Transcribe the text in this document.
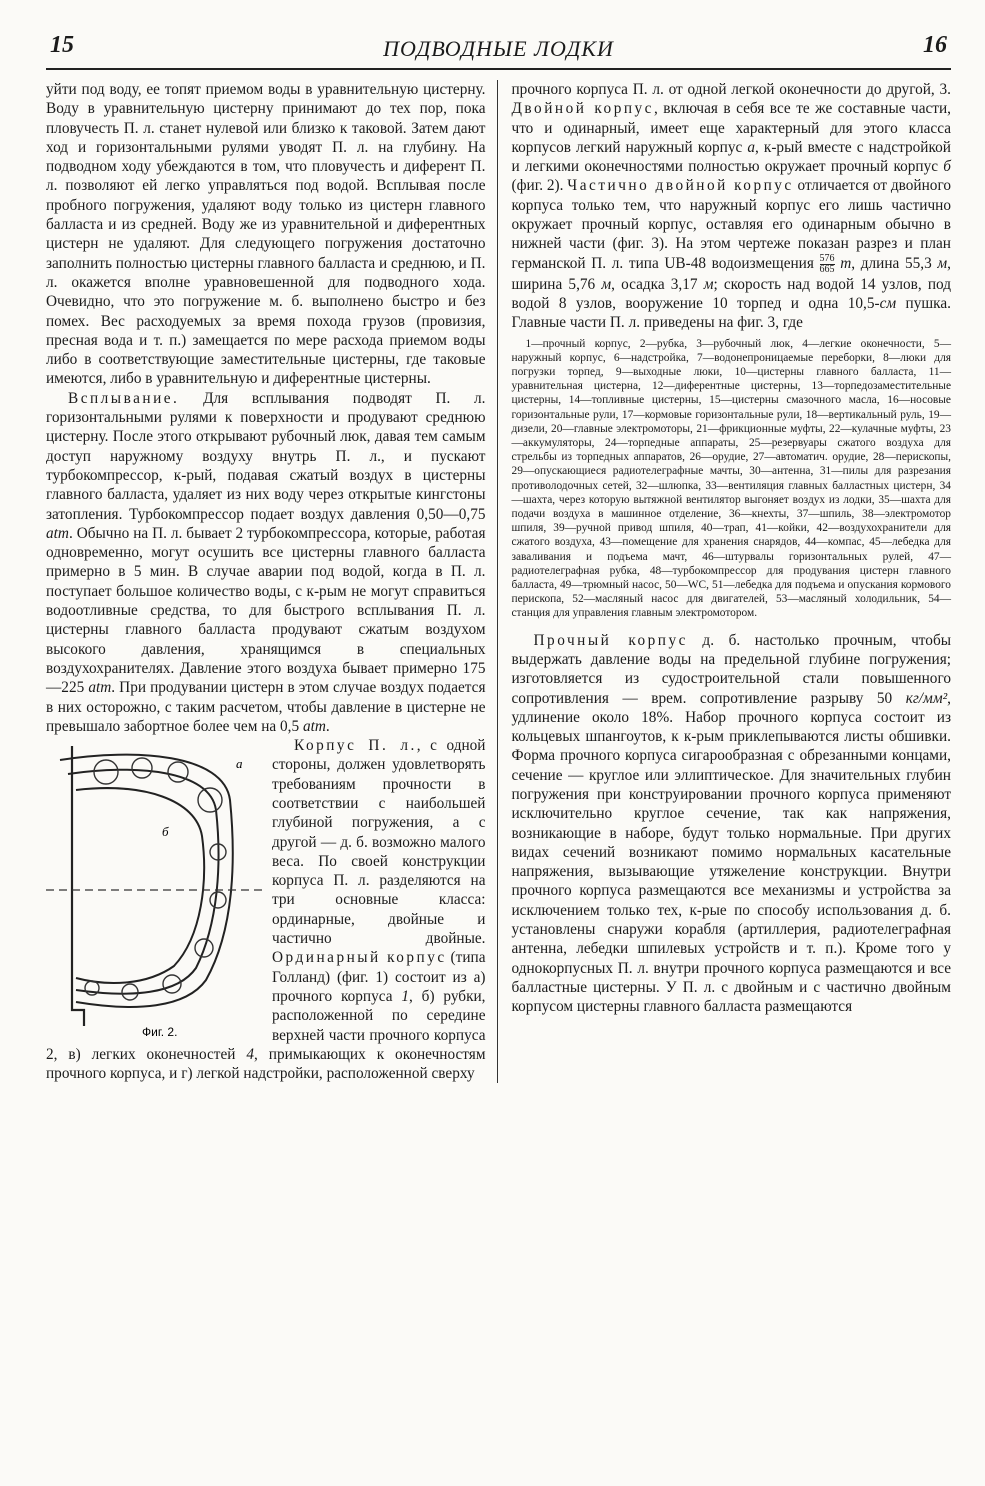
15	ПОДВОДНЫЕ ЛОДКИ	16

уйти под воду, ее топят приемом воды в уравнительную цистерну. Воду в уравнительную цистерну принимают до тех пор, пока пловучесть П. л. станет нулевой или близко к таковой. Затем дают ход и горизонтальными рулями уводят П. л. на глубину. На подводном ходу убеждаются в том, что пловучесть и диферент П. л. позволяют ей легко управляться под водой. Всплывая после пробного погружения, удаляют воду только из цистерн главного балласта и из средней. Воду же из уравнительной и диферентных цистерн не удаляют. Для следующего погружения достаточно заполнить полностью цистерны главного балласта и среднюю, и П. л. окажется вполне уравновешенной для подводного хода. Очевидно, что это погружение м. б. выполнено быстро и без помех. Вес расходуемых за время похода грузов (провизия, пресная вода и т. п.) замещается по мере расхода приемом воды либо в соответствующие заместительные цистерны, где таковые имеются, либо в уравнительную и диферентные цистерны.

Всплывание. Для всплывания подводят П. л. горизонтальными рулями к поверхности и продувают среднюю цистерну. После этого открывают рубочный люк, давая тем самым доступ наружному воздуху внутрь П. л., и пускают турбокомпрессор, к-рый, подавая сжатый воздух в цистерны главного балласта, удаляет из них воду через открытые кингстоны затопления. Турбокомпрессор подает воздух давления 0,50—0,75 atm. Обычно на П. л. бывает 2 турбокомпрессора, которые, работая одновременно, могут осушить все цистерны главного балласта примерно в 5 мин. В случае аварии под водой, когда в П. л. поступает большое количество воды, с к-рым не могут справиться водоотливные средства, то для быстрого всплывания П. л. цистерны главного балласта продувают сжатым воздухом высокого давления, хранящимся в специальных воздухохранителях. Давление этого воздуха бывает примерно 175—225 atm. При продувании цистерн в этом случае воздух подается в них осторожно, с таким расчетом, чтобы давление в цистерне не превышало забортное более чем на 0,5 atm.

а
б
Фиг. 2.

Корпус П. л., с одной стороны, должен удовлетворять требованиям прочности в соответствии с наибольшей глубиной погружения, а с другой — д. б. возможно малого веса. По своей конструкции корпуса П. л. разделяются на три основные класса: ординарные, двойные и частично двойные. Ординарный корпус (типа Голланд) (фиг. 1) состоит из а) прочного корпуса 1, б) рубки, расположенной по середине верхней части прочного корпуса 2, в) легких оконечностей 4, примыкающих к оконечностям прочного корпуса, и г) легкой надстройки, расположенной сверху

прочного корпуса П. л. от одной легкой оконечности до другой, 3. Двойной корпус, включая в себя все те же составные части, что и одинарный, имеет еще характерный для этого класса корпусов легкий наружный корпус а, к-рый вместе с надстройкой и легкими оконечностями полностью окружает прочный корпус б (фиг. 2). Частично двойной корпус отличается от двойного корпуса только тем, что наружный корпус его лишь частично окружает прочный корпус, оставляя его одинарным обычно в нижней части (фиг. 3). На этом чертеже показан разрез и план германской П. л. типа UB-48 водоизмещения $\frac{576}{665} т$, длина 55,3 м, ширина 5,76 м, осадка 3,17 м; скорость над водой 14 узлов, под водой 8 узлов, вооружение 10 торпед и одна 10,5-см пушка. Главные части П. л. приведены на фиг. 3, где

1—прочный корпус, 2—рубка, 3—рубочный люк, 4—легкие оконечности, 5—наружный корпус, 6—надстройка, 7—водонепроницаемые переборки, 8—люки для погрузки торпед, 9—выходные люки, 10—цистерны главного балласта, 11—уравнительная цистерна, 12—диферентные цистерны, 13—торпедозаместительные цистерны, 14—топливные цистерны, 15—цистерны смазочного масла, 16—носовые горизонтальные рули, 17—кормовые горизонтальные рули, 18—вертикальный руль, 19—дизели, 20—главные электромоторы, 21—фрикционные муфты, 22—кулачные муфты, 23—аккумуляторы, 24—торпедные аппараты, 25—резервуары сжатого воздуха для стрельбы из торпедных аппаратов, 26—орудие, 27—автоматич. орудие, 28—перископы, 29—опускающиеся радиотелеграфные мачты, 30—антенна, 31—пилы для разрезания противолодочных сетей, 32—шлюпка, 33—вентиляция главных балластных цистерн, 34—шахта, через которую вытяжной вентилятор выгоняет воздух из лодки, 35—шахта для подачи воздуха в машинное отделение, 36—кнехты, 37—шпиль, 38—электромотор шпиля, 39—ручной привод шпиля, 40—трап, 41—койки, 42—воздухохранители для сжатого воздуха, 43—помещение для хранения снарядов, 44—компас, 45—лебедка для заваливания и подъема мачт, 46—штурвалы горизонтальных рулей, 47—радиотелеграфная рубка, 48—турбокомпрессор для продувания цистерн главного балласта, 49—трюмный насос, 50—WC, 51—лебедка для подъема и опускания кормового перископа, 52—масляный насос для двигателей, 53—масляный холодильник, 54—станция для управления главным электромотором.

Прочный корпус д. б. настолько прочным, чтобы выдержать давление воды на предельной глубине погружения; изготовляется из судостроительной стали повышенного сопротивления — врем. сопротивление разрыву 50 кг/мм², удлинение около 18%. Набор прочного корпуса состоит из кольцевых шпангоутов, к к-рым приклепываются листы обшивки. Форма прочного корпуса сигарообразная с обрезанными концами, сечение — круглое или эллиптическое. Для значительных глубин погружения при конструировании прочного корпуса применяют исключительно круглое сечение, так как напряжения, возникающие в наборе, будут только нормальные. При других видах сечений возникают помимо нормальных касательные напряжения, вызывающие утяжеление конструкции. Внутри прочного корпуса размещаются все механизмы и устройства за исключением только тех, к-рые по способу использования д. б. установлены снаружи корабля (артиллерия, радиотелеграфная антенна, лебедки шпилевых устройств и т. п.). Кроме того у однокорпусных П. л. внутри прочного корпуса размещаются и все балластные цистерны. У П. л. с двойным и с частично двойным корпусом цистерны главного балласта размещаются
